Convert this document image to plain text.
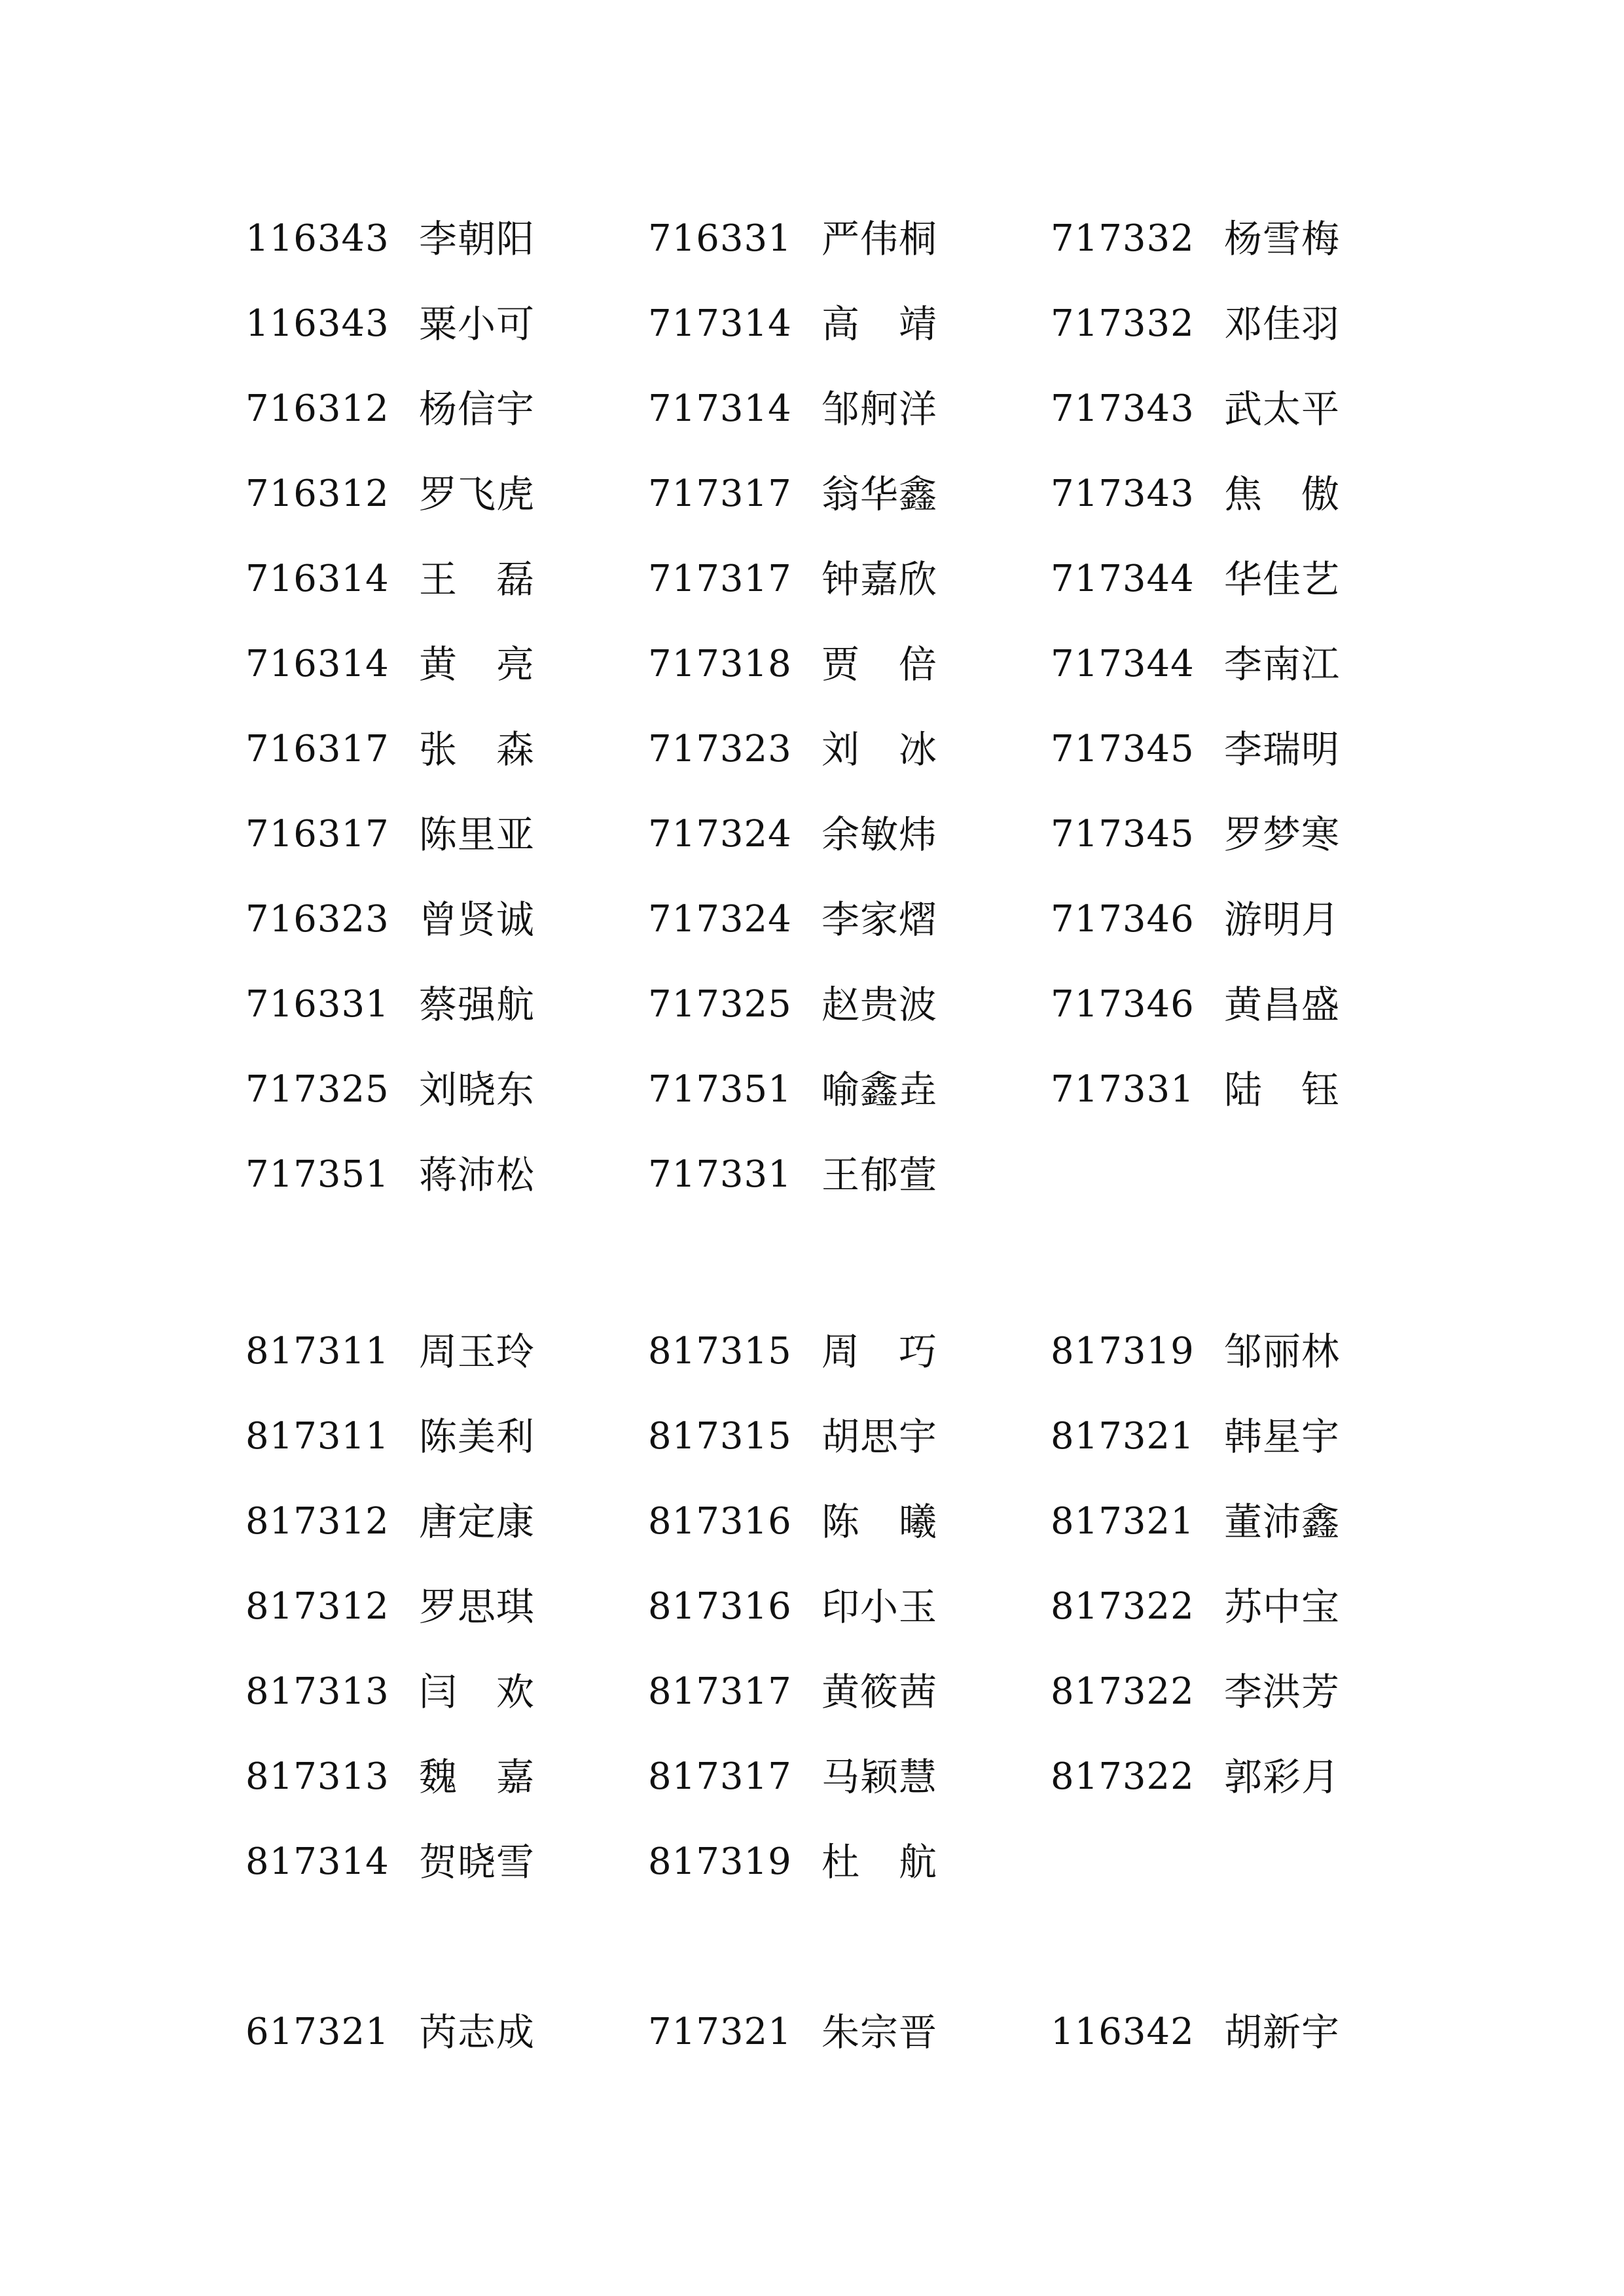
116343 李 朝 阳	716331 严 伟 桐	717332 杨 雪 梅
116343 粟 小 可	717314 高 靖	717332 邓 佳 羽
716312 杨 信 宇	717314 邹 舸 洋	717343 武 太 平
716312 罗 飞 虎	717317 翁 华 鑫	717343 焦 傲
716314 王 磊	717317 钟 嘉 欣	717344 华 佳 艺
716314 黄 亮	717318 贾 倍	717344 李 南 江
716317 张 森	717323 刘 冰	717345 李 瑞 明
716317 陈 里 亚	717324 余 敏 炜	717345 罗 梦 寒
716323 曾 贤 诚	717324 李 家 熠	717346 游 明 月
716331 蔡 强 航	717325 赵 贵 波	717346 黄 昌 盛
717325 刘 晓 东	717351 喻 鑫 垚	717331 陆 钰
717351 蒋 沛 松	717331 王 郁 萱
817311 周 玉 玲	817315 周 巧	817319 邹 丽 林
817311 陈 美 利	817315 胡 思 宇	817321 韩 星 宇
817312 唐 定 康	817316 陈 曦	817321 董 沛 鑫
817312 罗 思 琪	817316 印 小 玉	817322 苏 中 宝
817313 闫 欢	817317 黄 筱 茜	817322 李 洪 芳
817313 魏 嘉	817317 马 颖 慧	817322 郭 彩 月
817314 贺 晓 雪	817319 杜 航
617321 芮 志 成	717321 朱 宗 晋	116342 胡 新 宇
